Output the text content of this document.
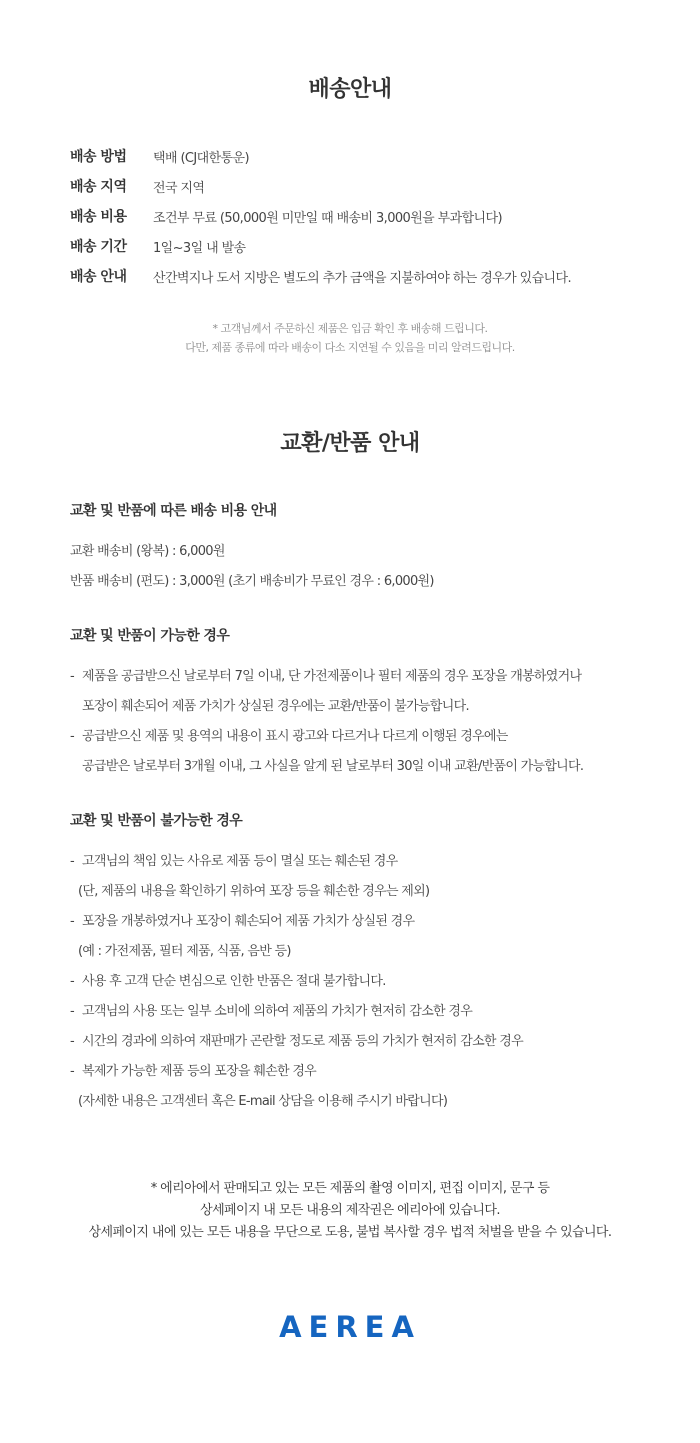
배송안내
배송 방법 택배 (CJ대한통운)
배송 지역 전국 지역
배송 비용 조건부 무료 (50,000원 미만일 때 배송비 3,000원을 부과합니다)
배송 기간 1일~3일 내 발송
배송 안내 산간벽지나 도서 지방은 별도의 추가 금액을 지불하여야 하는 경우가 있습니다.
* 고객님께서 주문하신 제품은 입금 확인 후 배송해 드립니다.
다만, 제품 종류에 따라 배송이 다소 지연될 수 있음을 미리 알려드립니다.
교환/반품 안내
교환 및 반품에 따른 배송 비용 안내
교환 배송비 (왕복) : 6,000원
반품 배송비 (편도) : 3,000원 (초기 배송비가 무료인 경우 : 6,000원)
교환 및 반품이 가능한 경우
- 제품을 공급받으신 날로부터 7일 이내, 단 가전제품이나 필터 제품의 경우 포장을 개봉하였거나
포장이 훼손되어 제품 가치가 상실된 경우에는 교환/반품이 불가능합니다.
- 공급받으신 제품 및 용역의 내용이 표시 광고와 다르거나 다르게 이행된 경우에는
공급받은 날로부터 3개월 이내, 그 사실을 알게 된 날로부터 30일 이내 교환/반품이 가능합니다.
교환 및 반품이 불가능한 경우
- 고객님의 책임 있는 사유로 제품 등이 멸실 또는 훼손된 경우
(단, 제품의 내용을 확인하기 위하여 포장 등을 훼손한 경우는 제외)
- 포장을 개봉하였거나 포장이 훼손되어 제품 가치가 상실된 경우
(예 : 가전제품, 필터 제품, 식품, 음반 등)
- 사용 후 고객 단순 변심으로 인한 반품은 절대 불가합니다.
- 고객님의 사용 또는 일부 소비에 의하여 제품의 가치가 현저히 감소한 경우
- 시간의 경과에 의하여 재판매가 곤란할 정도로 제품 등의 가치가 현저히 감소한 경우
- 복제가 가능한 제품 등의 포장을 훼손한 경우
(자세한 내용은 고객센터 혹은 E-mail 상담을 이용해 주시기 바랍니다)
* 에리아에서 판매되고 있는 모든 제품의 촬영 이미지, 편집 이미지, 문구 등
상세페이지 내 모든 내용의 제작권은 에리아에 있습니다.
상세페이지 내에 있는 모든 내용을 무단으로 도용, 불법 복사할 경우 법적 처벌을 받을 수 있습니다.
AEREA
